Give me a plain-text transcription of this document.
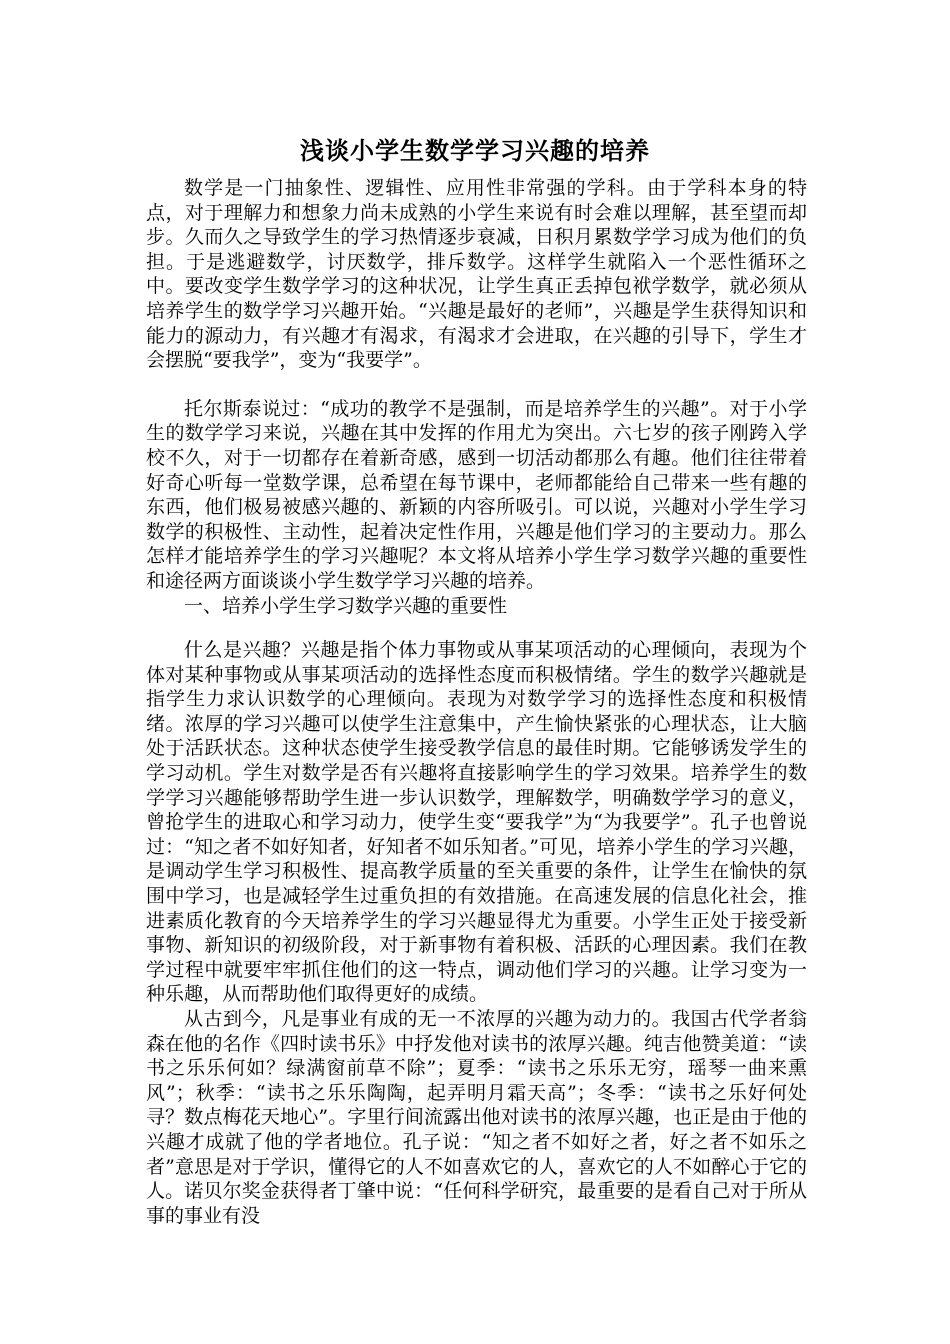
浅谈小学生数学学习兴趣的培养

数学是一门抽象性、逻辑性、应用性非常强的学科。由于学科本身的特点，对于理解力和想象力尚未成熟的小学生来说有时会难以理解，甚至望而却步。久而久之导致学生的学习热情逐步衰减，日积月累数学学习成为他们的负担。于是逃避数学，讨厌数学，排斥数学。这样学生就陷入一个恶性循环之中。要改变学生数学学习的这种状况，让学生真正丢掉包袱学数学，就必须从培养学生的数学学习兴趣开始。“兴趣是最好的老师”，兴趣是学生获得知识和能力的源动力，有兴趣才有渴求，有渴求才会进取，在兴趣的引导下，学生才会摆脱“要我学”，变为“我要学”。

托尔斯泰说过：“成功的教学不是强制，而是培养学生的兴趣”。对于小学生的数学学习来说，兴趣在其中发挥的作用尤为突出。六七岁的孩子刚跨入学校不久，对于一切都存在着新奇感，感到一切活动都那么有趣。他们往往带着好奇心听每一堂数学课，总希望在每节课中，老师都能给自己带来一些有趣的东西，他们极易被感兴趣的、新颖的内容所吸引。可以说，兴趣对小学生学习数学的积极性、主动性，起着决定性作用，兴趣是他们学习的主要动力。那么怎样才能培养学生的学习兴趣呢？本文将从培养小学生学习数学兴趣的重要性和途径两方面谈谈小学生数学学习兴趣的培养。

一、培养小学生学习数学兴趣的重要性

什么是兴趣？兴趣是指个体力事物或从事某项活动的心理倾向，表现为个体对某种事物或从事某项活动的选择性态度而积极情绪。学生的数学兴趣就是指学生力求认识数学的心理倾向。表现为对数学学习的选择性态度和积极情绪。浓厚的学习兴趣可以使学生注意集中，产生愉快紧张的心理状态，让大脑处于活跃状态。这种状态使学生接受教学信息的最佳时期。它能够诱发学生的学习动机。学生对数学是否有兴趣将直接影响学生的学习效果。培养学生的数学学习兴趣能够帮助学生进一步认识数学，理解数学，明确数学学习的意义，曾抢学生的进取心和学习动力，使学生变“要我学”为“为我要学”。孔子也曾说过：“知之者不如好知者，好知者不如乐知者。”可见，培养小学生的学习兴趣，是调动学生学习积极性、提高教学质量的至关重要的条件，让学生在愉快的氛围中学习，也是减轻学生过重负担的有效措施。在高速发展的信息化社会，推进素质化教育的今天培养学生的学习兴趣显得尤为重要。小学生正处于接受新事物、新知识的初级阶段，对于新事物有着积极、活跃的心理因素。我们在教学过程中就要牢牢抓住他们的这一特点，调动他们学习的兴趣。让学习变为一种乐趣，从而帮助他们取得更好的成绩。

从古到今，凡是事业有成的无一不浓厚的兴趣为动力的。我国古代学者翁森在他的名作《四时读书乐》中抒发他对读书的浓厚兴趣。纯吉他赞美道：“读书之乐乐何如？绿满窗前草不除”；夏季：“读书之乐乐无穷，瑶琴一曲来熏风”；秋季：“读书之乐乐陶陶，起弄明月霜天高”；冬季：“读书之乐好何处寻？数点梅花天地心”。字里行间流露出他对读书的浓厚兴趣，也正是由于他的兴趣才成就了他的学者地位。孔子说：“知之者不如好之者，好之者不如乐之者”意思是对于学识，懂得它的人不如喜欢它的人，喜欢它的人不如醉心于它的人。诺贝尔奖金获得者丁肇中说：“任何科学研究，最重要的是看自己对于所从事的事业有没
